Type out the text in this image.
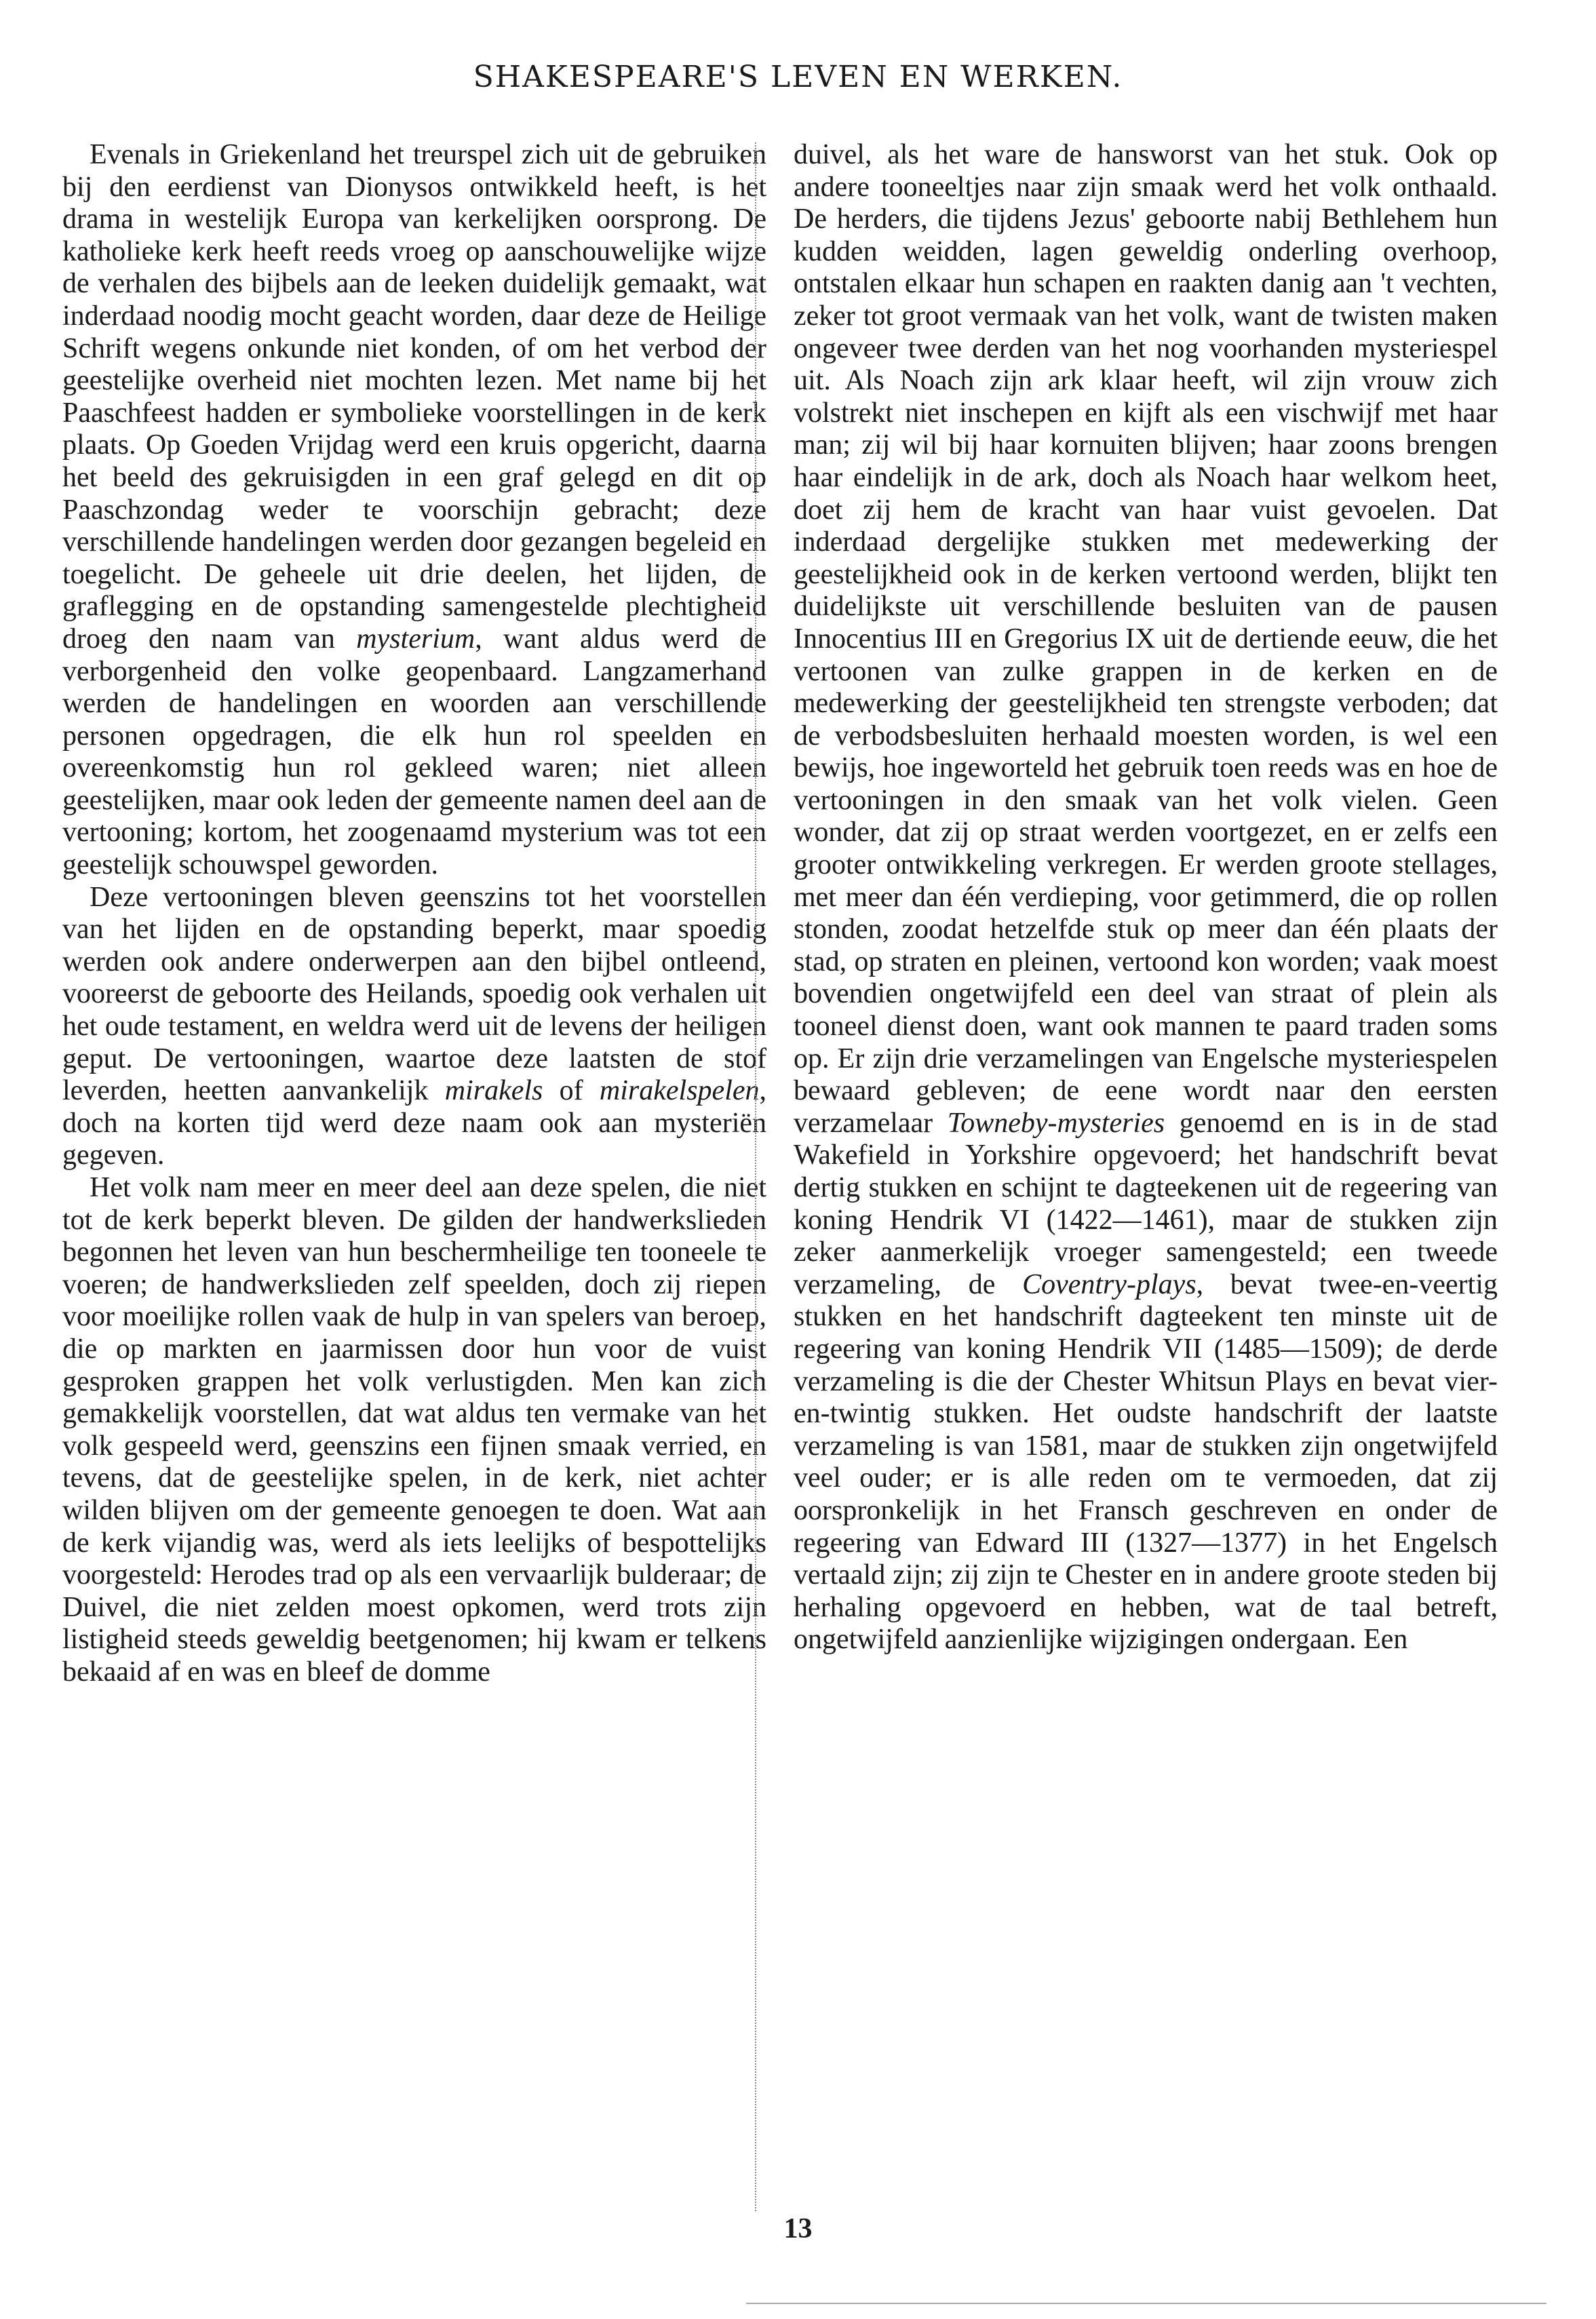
SHAKESPEARE'S LEVEN EN WERKEN.

Evenals in Griekenland het treurspel zich uit de gebruiken bij den eerdienst van Dionysos ontwikkeld heeft, is het drama in westelijk Europa van kerkelijken oorsprong. De katholieke kerk heeft reeds vroeg op aanschouwelijke wijze de verhalen des bijbels aan de leeken duidelijk gemaakt, wat inderdaad noodig mocht geacht worden, daar deze de Heilige Schrift wegens onkunde niet konden, of om het verbod der geestelijke overheid niet mochten lezen. Met name bij het Paaschfeest hadden er symbolieke voorstellingen in de kerk plaats. Op Goeden Vrijdag werd een kruis opgericht, daarna het beeld des gekruisigden in een graf gelegd en dit op Paaschzondag weder te voorschijn gebracht; deze verschillende handelingen werden door gezangen begeleid en toegelicht. De geheele uit drie deelen, het lijden, de graflegging en de opstanding samengestelde plechtigheid droeg den naam van mysterium, want aldus werd de verborgenheid den volke geopenbaard. Langzamerhand werden de handelingen en woorden aan verschillende personen opgedragen, die elk hun rol speelden en overeenkomstig hun rol gekleed waren; niet alleen geestelijken, maar ook leden der gemeente namen deel aan de vertooning; kortom, het zoogenaamd mysterium was tot een geestelijk schouwspel geworden.

Deze vertooningen bleven geenszins tot het voorstellen van het lijden en de opstanding beperkt, maar spoedig werden ook andere onderwerpen aan den bijbel ontleend, vooreerst de geboorte des Heilands, spoedig ook verhalen uit het oude testament, en weldra werd uit de levens der heiligen geput. De vertooningen, waartoe deze laatsten de stof leverden, heetten aanvankelijk mirakels of mirakelspelen, doch na korten tijd werd deze naam ook aan mysteriën gegeven.

Het volk nam meer en meer deel aan deze spelen, die niet tot de kerk beperkt bleven. De gilden der handwerkslieden begonnen het leven van hun beschermheilige ten tooneele te voeren; de handwerkslieden zelf speelden, doch zij riepen voor moeilijke rollen vaak de hulp in van spelers van beroep, die op markten en jaarmissen door hun voor de vuist gesproken grappen het volk verlustigden. Men kan zich gemakkelijk voorstellen, dat wat aldus ten vermake van het volk gespeeld werd, geenszins een fijnen smaak verried, en tevens, dat de geestelijke spelen, in de kerk, niet achter wilden blijven om der gemeente genoegen te doen. Wat aan de kerk vijandig was, werd als iets leelijks of bespottelijks voorgesteld: Herodes trad op als een vervaarlijk bulderaar; de Duivel, die niet zelden moest opkomen, werd trots zijn listigheid steeds geweldig beetgenomen; hij kwam er telkens bekaaid af en was en bleef de domme

duivel, als het ware de hansworst van het stuk. Ook op andere tooneeltjes naar zijn smaak werd het volk onthaald. De herders, die tijdens Jezus' geboorte nabij Bethlehem hun kudden weidden, lagen geweldig onderling overhoop, ontstalen elkaar hun schapen en raakten danig aan 't vechten, zeker tot groot vermaak van het volk, want de twisten maken ongeveer twee derden van het nog voorhanden mysteriespel uit. Als Noach zijn ark klaar heeft, wil zijn vrouw zich volstrekt niet inschepen en kijft als een vischwijf met haar man; zij wil bij haar kornuiten blijven; haar zoons brengen haar eindelijk in de ark, doch als Noach haar welkom heet, doet zij hem de kracht van haar vuist gevoelen. Dat inderdaad dergelijke stukken met medewerking der geestelijkheid ook in de kerken vertoond werden, blijkt ten duidelijkste uit verschillende besluiten van de pausen Innocentius III en Gregorius IX uit de dertiende eeuw, die het vertoonen van zulke grappen in de kerken en de medewerking der geestelijkheid ten strengste verboden; dat de verbodsbesluiten herhaald moesten worden, is wel een bewijs, hoe ingeworteld het gebruik toen reeds was en hoe de vertooningen in den smaak van het volk vielen. Geen wonder, dat zij op straat werden voortgezet, en er zelfs een grooter ontwikkeling verkregen. Er werden groote stellages, met meer dan één verdieping, voor getimmerd, die op rollen stonden, zoodat hetzelfde stuk op meer dan één plaats der stad, op straten en pleinen, vertoond kon worden; vaak moest bovendien ongetwijfeld een deel van straat of plein als tooneel dienst doen, want ook mannen te paard traden soms op. Er zijn drie verzamelingen van Engelsche mysteriespelen bewaard gebleven; de eene wordt naar den eersten verzamelaar Towneby-mysteries genoemd en is in de stad Wakefield in Yorkshire opgevoerd; het handschrift bevat dertig stukken en schijnt te dagteekenen uit de regeering van koning Hendrik VI (1422—1461), maar de stukken zijn zeker aanmerkelijk vroeger samengesteld; een tweede verzameling, de Coventry-plays, bevat twee-en-veertig stukken en het handschrift dagteekent ten minste uit de regeering van koning Hendrik VII (1485—1509); de derde verzameling is die der Chester Whitsun Plays en bevat vier-en-twintig stukken. Het oudste handschrift der laatste verzameling is van 1581, maar de stukken zijn ongetwijfeld veel ouder; er is alle reden om te vermoeden, dat zij oorspronkelijk in het Fransch geschreven en onder de regeering van Edward III (1327—1377) in het Engelsch vertaald zijn; zij zijn te Chester en in andere groote steden bij herhaling opgevoerd en hebben, wat de taal betreft, ongetwijfeld aanzienlijke wijzigingen ondergaan. Een

13
